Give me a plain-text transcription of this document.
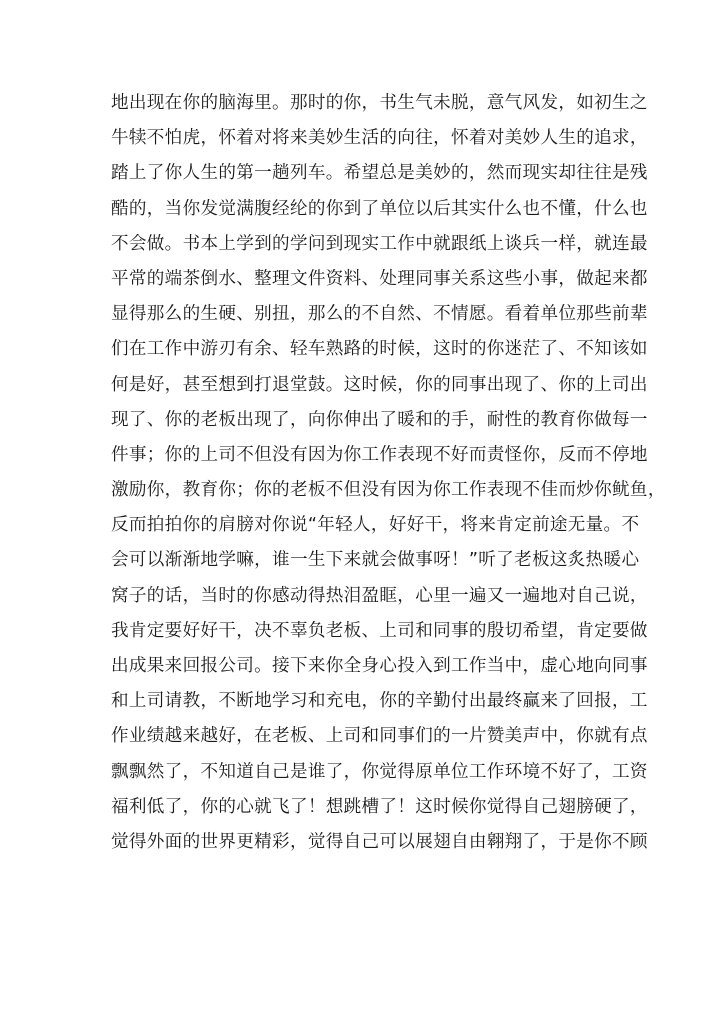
地出现在你的脑海里。那时的你，书生气未脱，意气风发，如初生之
牛犊不怕虎，怀着对将来美妙生活的向往，怀着对美妙人生的追求，
踏上了你人生的第一趟列车。希望总是美妙的，然而现实却往往是残
酷的，当你发觉满腹经纶的你到了单位以后其实什么也不懂，什么也
不会做。书本上学到的学问到现实工作中就跟纸上谈兵一样，就连最
平常的端茶倒水、整理文件资料、处理同事关系这些小事，做起来都
显得那么的生硬、别扭，那么的不自然、不情愿。看着单位那些前辈
们在工作中游刃有余、轻车熟路的时候，这时的你迷茫了、不知该如
何是好，甚至想到打退堂鼓。这时候，你的同事出现了、你的上司出
现了、你的老板出现了，向你伸出了暖和的手，耐性的教育你做每一
件事；你的上司不但没有因为你工作表现不好而责怪你，反而不停地
激励你，教育你；你的老板不但没有因为你工作表现不佳而炒你鱿鱼，
反而拍拍你的肩膀对你说“年轻人，好好干，将来肯定前途无量。不
会可以渐渐地学嘛，谁一生下来就会做事呀！”听了老板这炙热暖心
窝子的话，当时的你感动得热泪盈眶，心里一遍又一遍地对自己说，
我肯定要好好干，决不辜负老板、上司和同事的殷切希望，肯定要做
出成果来回报公司。接下来你全身心投入到工作当中，虚心地向同事
和上司请教，不断地学习和充电，你的辛勤付出最终赢来了回报，工
作业绩越来越好，在老板、上司和同事们的一片赞美声中，你就有点
飘飘然了，不知道自己是谁了，你觉得原单位工作环境不好了，工资
福利低了，你的心就飞了！想跳槽了！这时候你觉得自己翅膀硬了，
觉得外面的世界更精彩，觉得自己可以展翅自由翱翔了，于是你不顾
